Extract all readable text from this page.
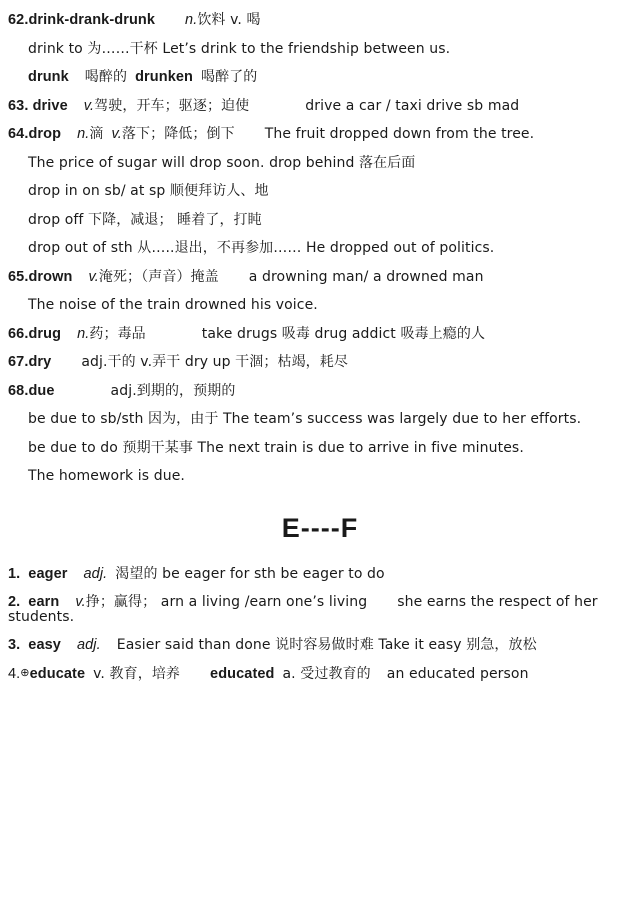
62.drink-drank-drunk n.饮料 v. 喝
drink to 为……干杯 Let’s drink to the friendship between us.
drunk 喝醉的 drunken 喝醉了的
63. drive v.驾驶，开车；驱逐；迫使	drive a car / taxi drive sb mad
64.drop n.滴 v.落下；降低；倒下 The fruit dropped down from the tree.
The price of sugar will drop soon. drop behind 落在后面
drop in on sb/ at sp 顺便拜访人、地
drop off 下降，减退； 睡着了，打盹
drop out of sth 从…..退出，不再参加…… He dropped out of politics.
65.drown v.淹死；（声音）掩盖 a drowning man/ a drowned man
The noise of the train drowned his voice.
66.drug n.药；毒品	take drugs 吸毒 drug addict 吸毒上瘾的人
67.dry adj.干的 v.弄干 dry up 干涸；枯竭，耗尽
68.due	adj.到期的，预期的
be due to sb/sth 因为，由于 The team’s success was largely due to her efforts.
be due to do 预期干某事 The next train is due to arrive in five minutes.
The homework is due.
E----F
1. eager adj. 渴望的 be eager for sth be eager to do
2. earn v.挣；赢得； arn a living /earn one’s living she earns the respect of her students.
3. easy adj. Easier said than done 说时容易做时难 Take it easy 别急，放松
4.⊕educate v. 教育，培养 educated a. 受过教育的 an educated person
